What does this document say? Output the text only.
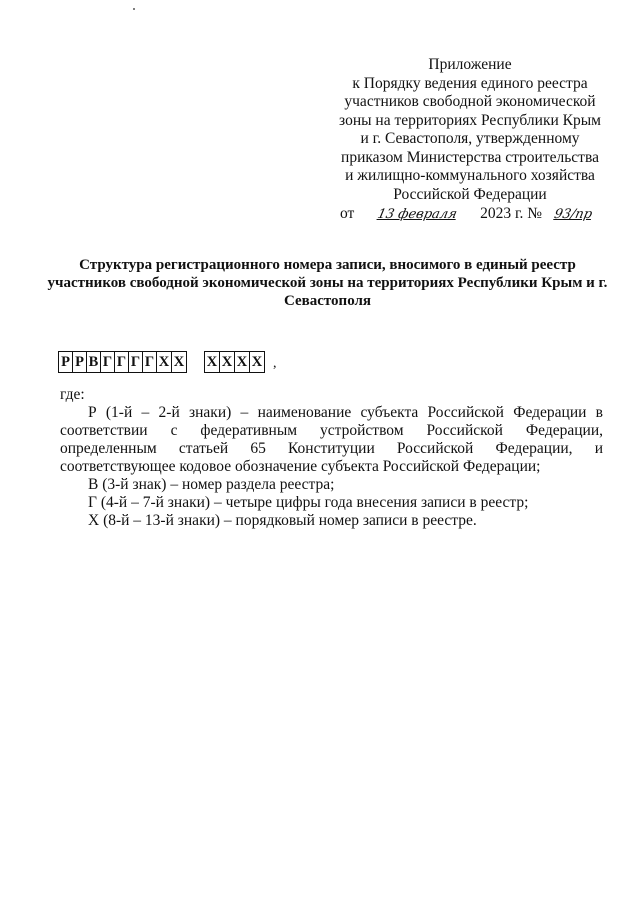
Приложение
к Порядку ведения единого реестра
участников свободной экономической
зоны на территориях Республики Крым
и г. Севастополя, утвержденному
приказом Министерства строительства
и жилищно-коммунального хозяйства
Российской Федерации
от 13 февраля 2023 г. № 93/пр
Структура регистрационного номера записи, вносимого в единый реестр участников свободной экономической зоны на территориях Республики Крым и г. Севастополя
Р Р В Г Г Г Г Х Х Х Х Х Х ,

где:

Р (1-й – 2-й знаки) – наименование субъекта Российской Федерации в соответствии с федеративным устройством Российской Федерации, определенным статьей 65 Конституции Российской Федерации, и соответствующее кодовое обозначение субъекта Российской Федерации;

В (3-й знак) – номер раздела реестра;

Г (4-й – 7-й знаки) – четыре цифры года внесения записи в реестр;

Х (8-й – 13-й знаки) – порядковый номер записи в реестре.
